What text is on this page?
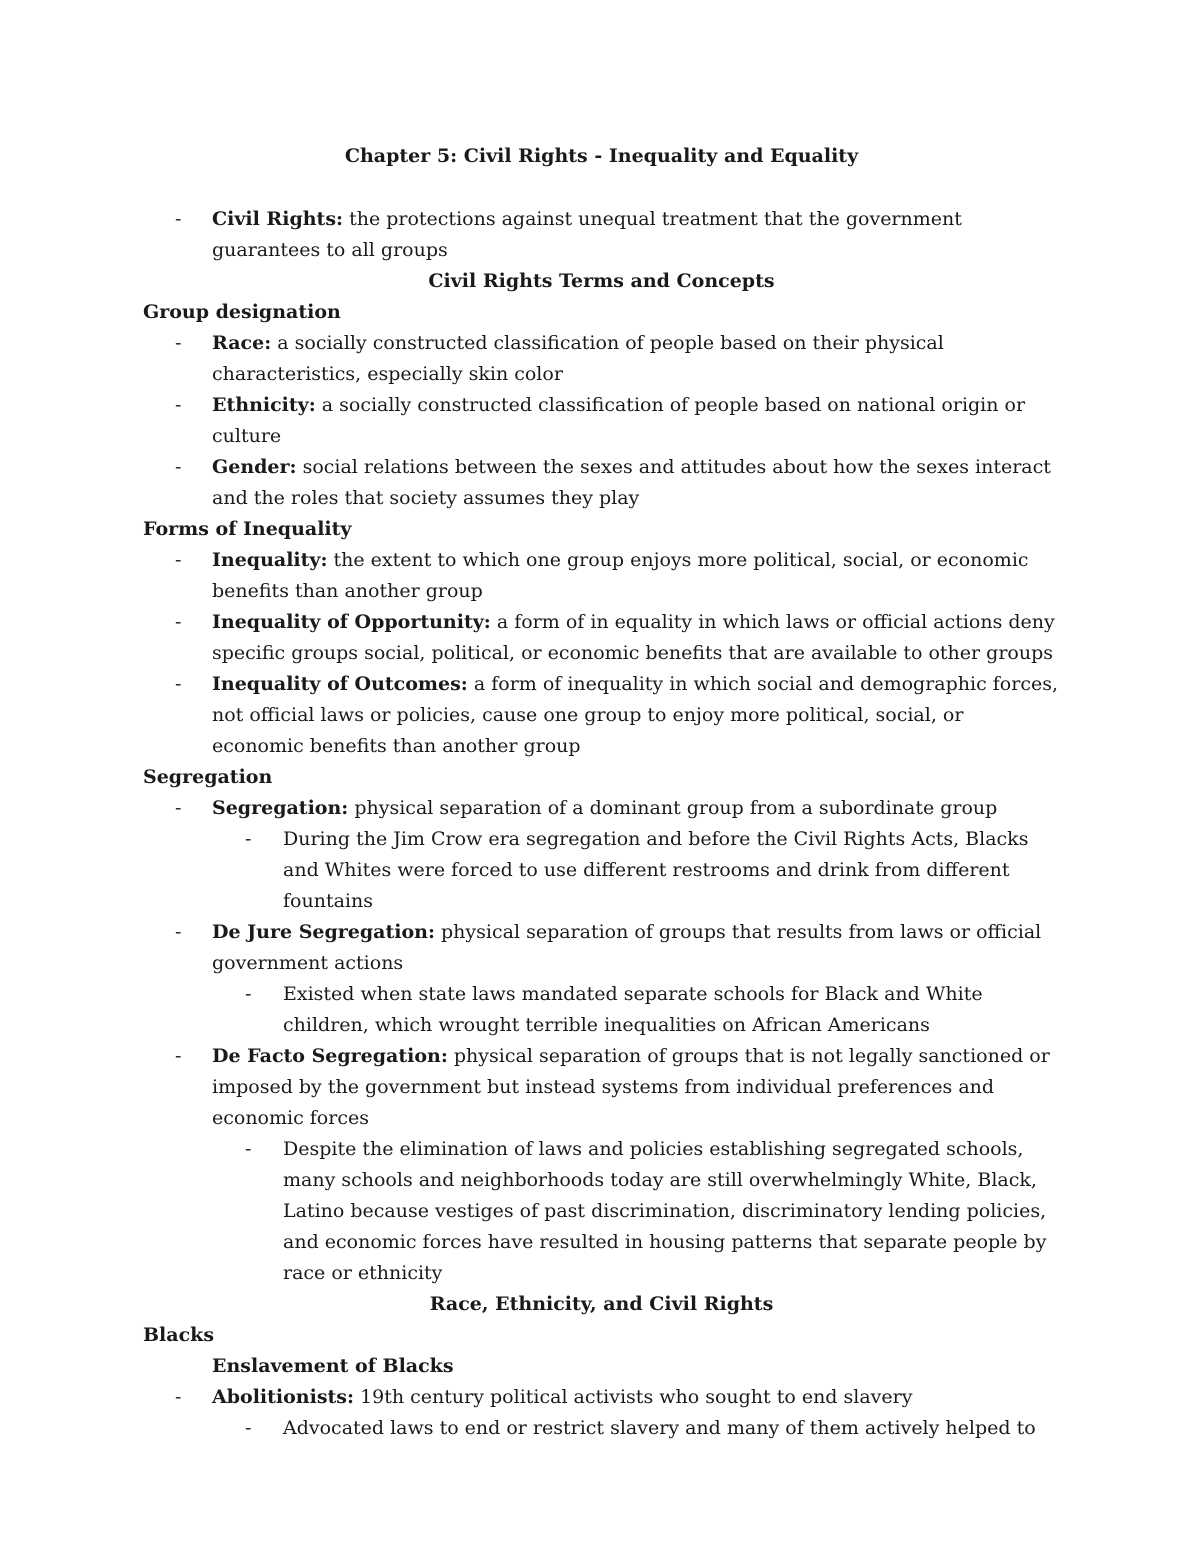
Chapter 5: Civil Rights - Inequality and Equality
- Civil Rights: the protections against unequal treatment that the government guarantees to all groups
Civil Rights Terms and Concepts
Group designation
- Race: a socially constructed classification of people based on their physical characteristics, especially skin color
- Ethnicity: a socially constructed classification of people based on national origin or culture
- Gender: social relations between the sexes and attitudes about how the sexes interact and the roles that society assumes they play
Forms of Inequality
- Inequality: the extent to which one group enjoys more political, social, or economic benefits than another group
- Inequality of Opportunity: a form of in equality in which laws or official actions deny specific groups social, political, or economic benefits that are available to other groups
- Inequality of Outcomes: a form of inequality in which social and demographic forces, not official laws or policies, cause one group to enjoy more political, social, or economic benefits than another group
Segregation
- Segregation: physical separation of a dominant group from a subordinate group
- During the Jim Crow era segregation and before the Civil Rights Acts, Blacks and Whites were forced to use different restrooms and drink from different fountains
- De Jure Segregation: physical separation of groups that results from laws or official government actions
- Existed when state laws mandated separate schools for Black and White children, which wrought terrible inequalities on African Americans
- De Facto Segregation: physical separation of groups that is not legally sanctioned or imposed by the government but instead systems from individual preferences and economic forces
- Despite the elimination of laws and policies establishing segregated schools, many schools and neighborhoods today are still overwhelmingly White, Black, Latino because vestiges of past discrimination, discriminatory lending policies, and economic forces have resulted in housing patterns that separate people by race or ethnicity
Race, Ethnicity, and Civil Rights
Blacks
Enslavement of Blacks
- Abolitionists: 19th century political activists who sought to end slavery
- Advocated laws to end or restrict slavery and many of them actively helped to
